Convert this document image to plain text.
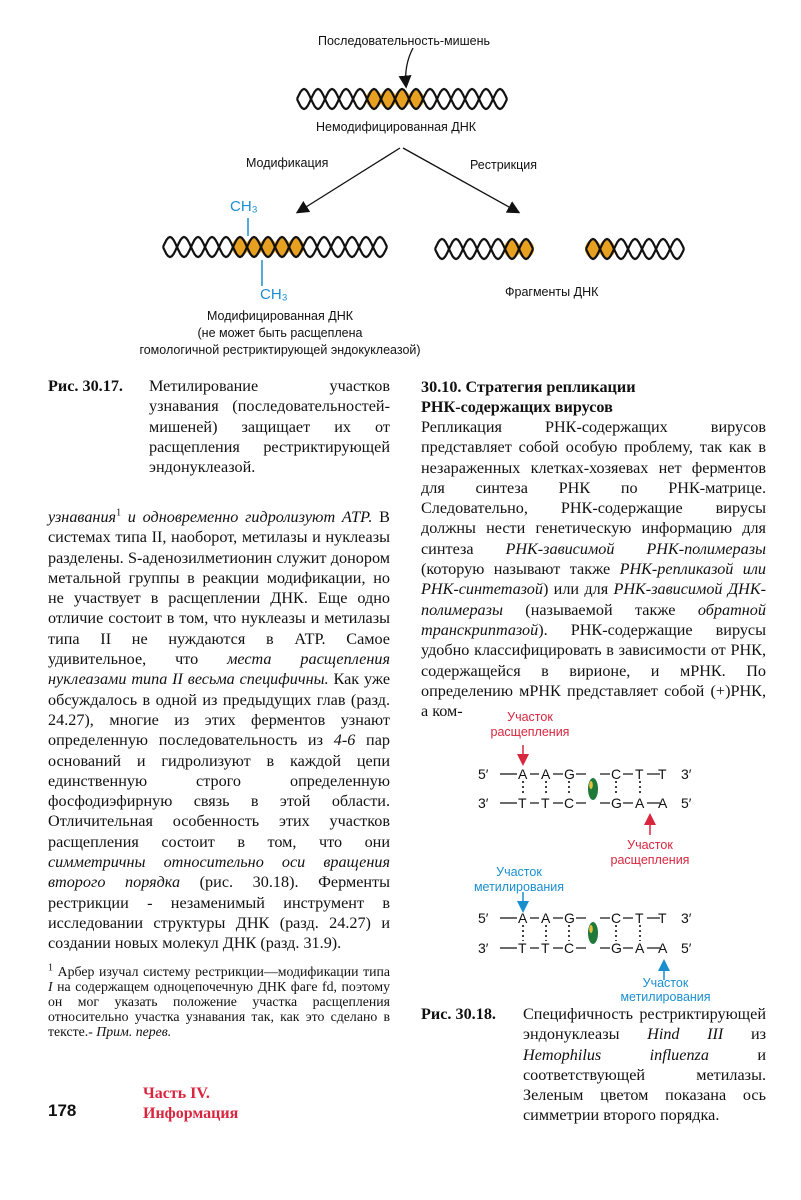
Последовательность-мишень
Немодифицированная ДНК
Модификация	Рестрикция
CH₃
CH₃	Фрагменты ДНК
Модифицированная ДНК
(не может быть расщеплена
гомологичной рестриктирующей эндокуклеазой)
Рис. 30.17. Метилирование участков узнавания (последовательностей-мишеней) защищает их от расщепления рестриктирующей эндонуклеазой.

узнавания$^1$ и одновременно гидролизуют АТР. В системах типа II, наоборот, метилазы и нуклеазы разделены. S-аденозилметионин служит донором метальной группы в реакции модификации, но не участвует в расщеплении ДНК. Еще одно отличие состоит в том, что нуклеазы и метилазы типа II не нуждаются в АТР. Самое удивительное, что места расщепления нуклеазами типа II весьма специфичны. Как уже обсуждалось в одной из предыдущих глав (разд. 24.27), многие из этих ферментов узнают определенную последовательность из 4-6 пар оснований и гидролизуют в каждой цепи единственную строго определенную фосфодиэфирную связь в этой области. Отличительная особенность этих участков расщепления состоит в том, что они симметричны относительно оси вращения второго порядка (рис. 30.18). Ферменты рестрикции - незаменимый инструмент в исследовании структуры ДНК (разд. 24.27) и создании новых молекул ДНК (разд. 31.9).

$^1$ Арбер изучал систему рестрикции—модификации типа I на содержащем одноцепочечную ДНК фаге fd, поэтому он мог указать положение участка расщепления относительно участка узнавания так, как это сделано в тексте.- Прим. перев.
30.10. Стратегия репликации
РНК-содержащих вирусов

Репликация РНК-содержащих вирусов представляет собой особую проблему, так как в незараженных клетках-хозяевах нет ферментов для синтеза РНК по РНК-матрице. Следовательно, РНК-содержащие вирусы должны нести генетическую информацию для синтеза РНК-зависимой РНК-полимеразы (которую называют также РНК-репликазой или РНК-синтетазой) или для РНК-зависимой ДНК-полимеразы (называемой также обратной транскриптазой). РНК-содержащие вирусы удобно классифицировать в зависимости от РНК, содержащейся в вирионе, и мРНК. По определению мРНК представляет собой (+)РНК, а ком-	Участок
расщепления
5′ A A G	C T T 3′
3′ T T C	G A A 5′
Участок
расщепления
Участок
метилирования
5′ A A G	C T T 3′
3′ T T C	G A A 5′
Участок
метилирования
Рис. 30.18. Специфичность рестриктирующей эндонуклеазы Hind III из Hemophilus influenza и соответствующей метилазы. Зеленым цветом показана ось симметрии второго порядка.
178
Часть IV.
Информация
